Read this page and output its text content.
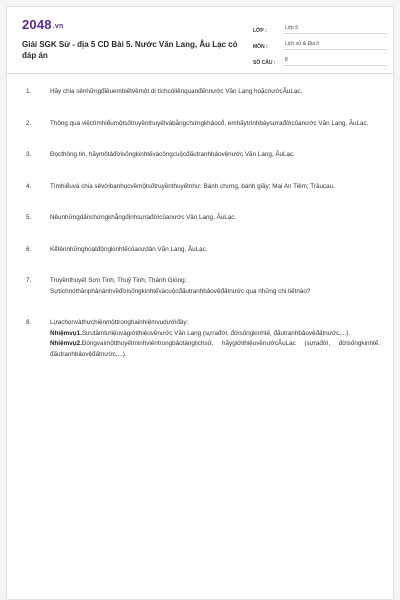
2048.vn
Giải SGK Sử - địa 5 CD Bài 5. Nước Văn Lang, Âu Lạc có đáp án
LỚP :	Lớp 5
MÔN :	Lịch sử & Địa lí
SỐ CÂU :	8
1.	Hãy chia sẻnhữngđiềuembiếtvềmột di tíchcóliênquanđếnnước Văn Lang hoặcnướcÂuLạc.
2.	Thông qua việctìmhiểumộtsốtruyềnthuyếtvàbằngchứngkhảocổ, emhãytrìnhbàysựrađờicủanước Văn Lang, ÂuLạc.
3.	Đọcthông tin, hãymôtảđờisốngkinhtếvàcôngcuộcđấutranhbảovệnước Văn Lang, ÂuLạc.
4.	Tìmhiểuvà chia sẻvớibạnhọcvềmộtsốtruyềnthuyếtnhư: Bánh chưng, bánh giầy; Mai An Tiêm; Trầucau.
5.	Nêunhữngdấnchứngkhẳngđịnhsựrađờicủanước Văn Lang, ÂuLạc.
6.	Kểtênnhữnghoạtđộngkinhtếcủacưdân Văn Lang, ÂuLạc.
7.	Truyềnthuyết Sơn Tinh, Thuỷ Tinh; Thánh Gióng; Sựtíchnóthânphảnánhvềđờisốngkinhtếvàcuộcđấutranhbảovệđấtnước qua những chi tiếtnào?
8.	Lựachọnvàthựchiệnmộttronghainhiệmvụdướiđây:
Nhiệmvụ1.Sưutầmtưliệuvàgiớithiệuvềnước Văn Lang (sựrađời, đờisốngkinhtế, đấutranhbảovệđấtnước,...).
Nhiệmvụ2.Đóngvaimộtthuyếtminhviêntrongbảotànglịchsử, hãygiớithiệuvềnướcÂuLạc (sựrađời, đờisốngkinhtế, đấutranhbảovệđấtnước,...).
